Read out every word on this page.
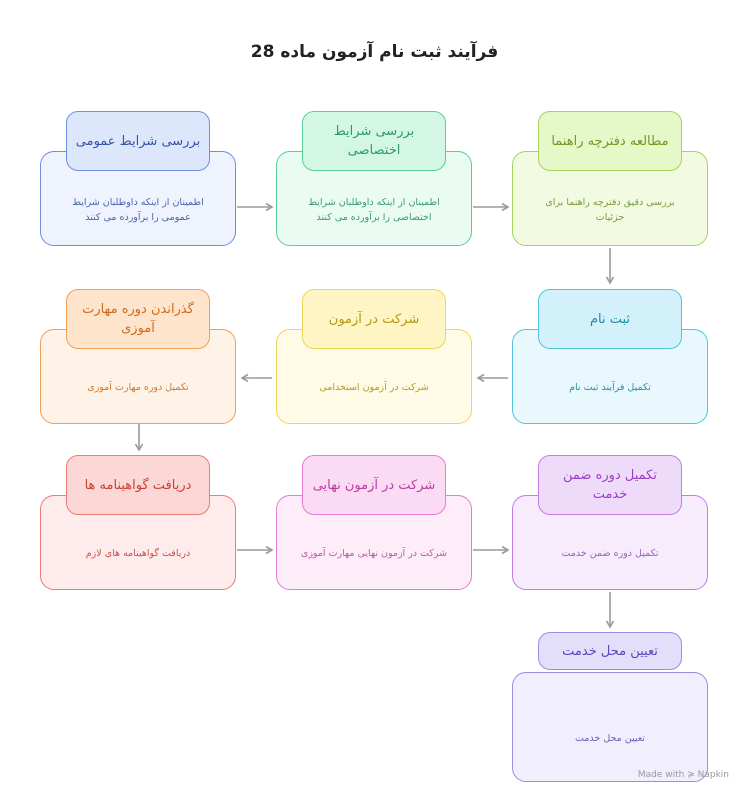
فرآیند ثبت نام آزمون ماده 28
بررسی دقیق دفترچه راهنما برای جزئیات
مطالعه دفترچه راهنما
اطمینان از اینکه داوطلبان شرایط اختصاصی را برآورده می کنند
بررسی شرایط اختصاصی
اطمینان از اینکه داوطلبان شرایط عمومی را برآورده می کنند
بررسی شرایط عمومی
تکمیل فرآیند ثبت نام
ثبت نام
شرکت در آزمون استخدامی
شرکت در آزمون
تکمیل دوره مهارت آموزی
گذراندن دوره مهارت آموزی
دریافت گواهینامه های لازم
دریافت گواهینامه ها
شرکت در آزمون نهایی مهارت آموزی
شرکت در آزمون نهایی
تکمیل دوره ضمن خدمت
تکمیل دوره ضمن خدمت
تعیین محل خدمت
تعیین محل خدمت
Made with ≽ Napkin
